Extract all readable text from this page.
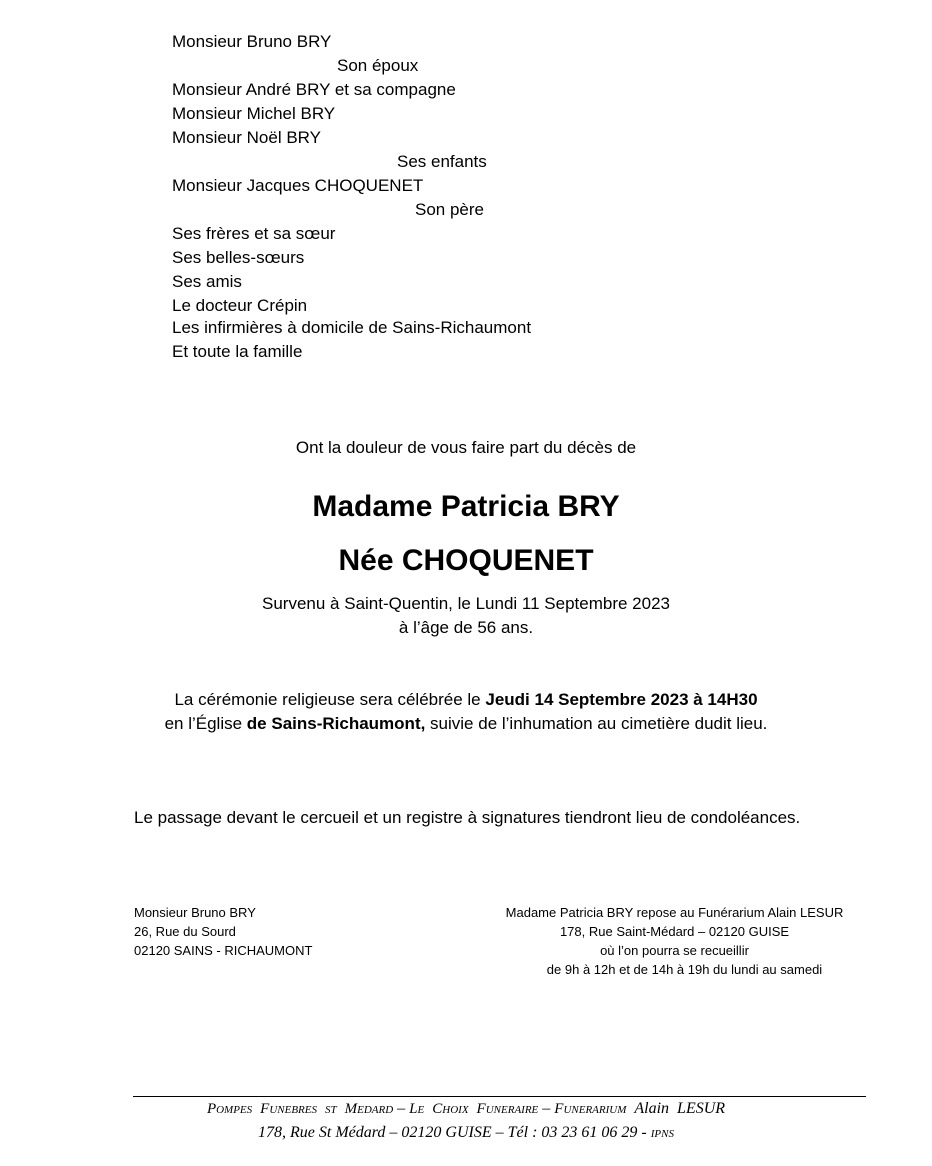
Monsieur Bruno BRY
Son époux
Monsieur André BRY et sa compagne
Monsieur Michel BRY
Monsieur Noël BRY
Ses enfants
Monsieur Jacques CHOQUENET
Son père
Ses frères et sa sœur
Ses belles-sœurs
Ses amis
Le docteur Crépin
Les infirmières à domicile de Sains-Richaumont
Et toute la famille
Ont la douleur de vous faire part du décès de
Madame Patricia BRY
Née CHOQUENET
Survenu à Saint-Quentin, le Lundi 11 Septembre 2023
à l’âge de 56 ans.
La cérémonie religieuse sera célébrée le Jeudi 14 Septembre 2023 à 14H30
en l’Église de Sains-Richaumont, suivie de l’inhumation au cimetière dudit lieu.
Le passage devant le cercueil et un registre à signatures tiendront lieu de condoléances.
Monsieur Bruno BRY
26, Rue du Sourd
02120 SAINS - RICHAUMONT
Madame Patricia BRY repose au Funérarium Alain LESUR
178, Rue Saint-Médard – 02120 GUISE
où l’on pourra se recueillir
de 9h à 12h et de 14h à 19h du lundi au samedi
POMPES FUNEBRES ST MEDARD – LE CHOIX FUNERAIRE – FUNERARIUM Alain LESUR
178, Rue St Médard – 02120 GUISE – Tél : 03 23 61 06 29 - IPNS
